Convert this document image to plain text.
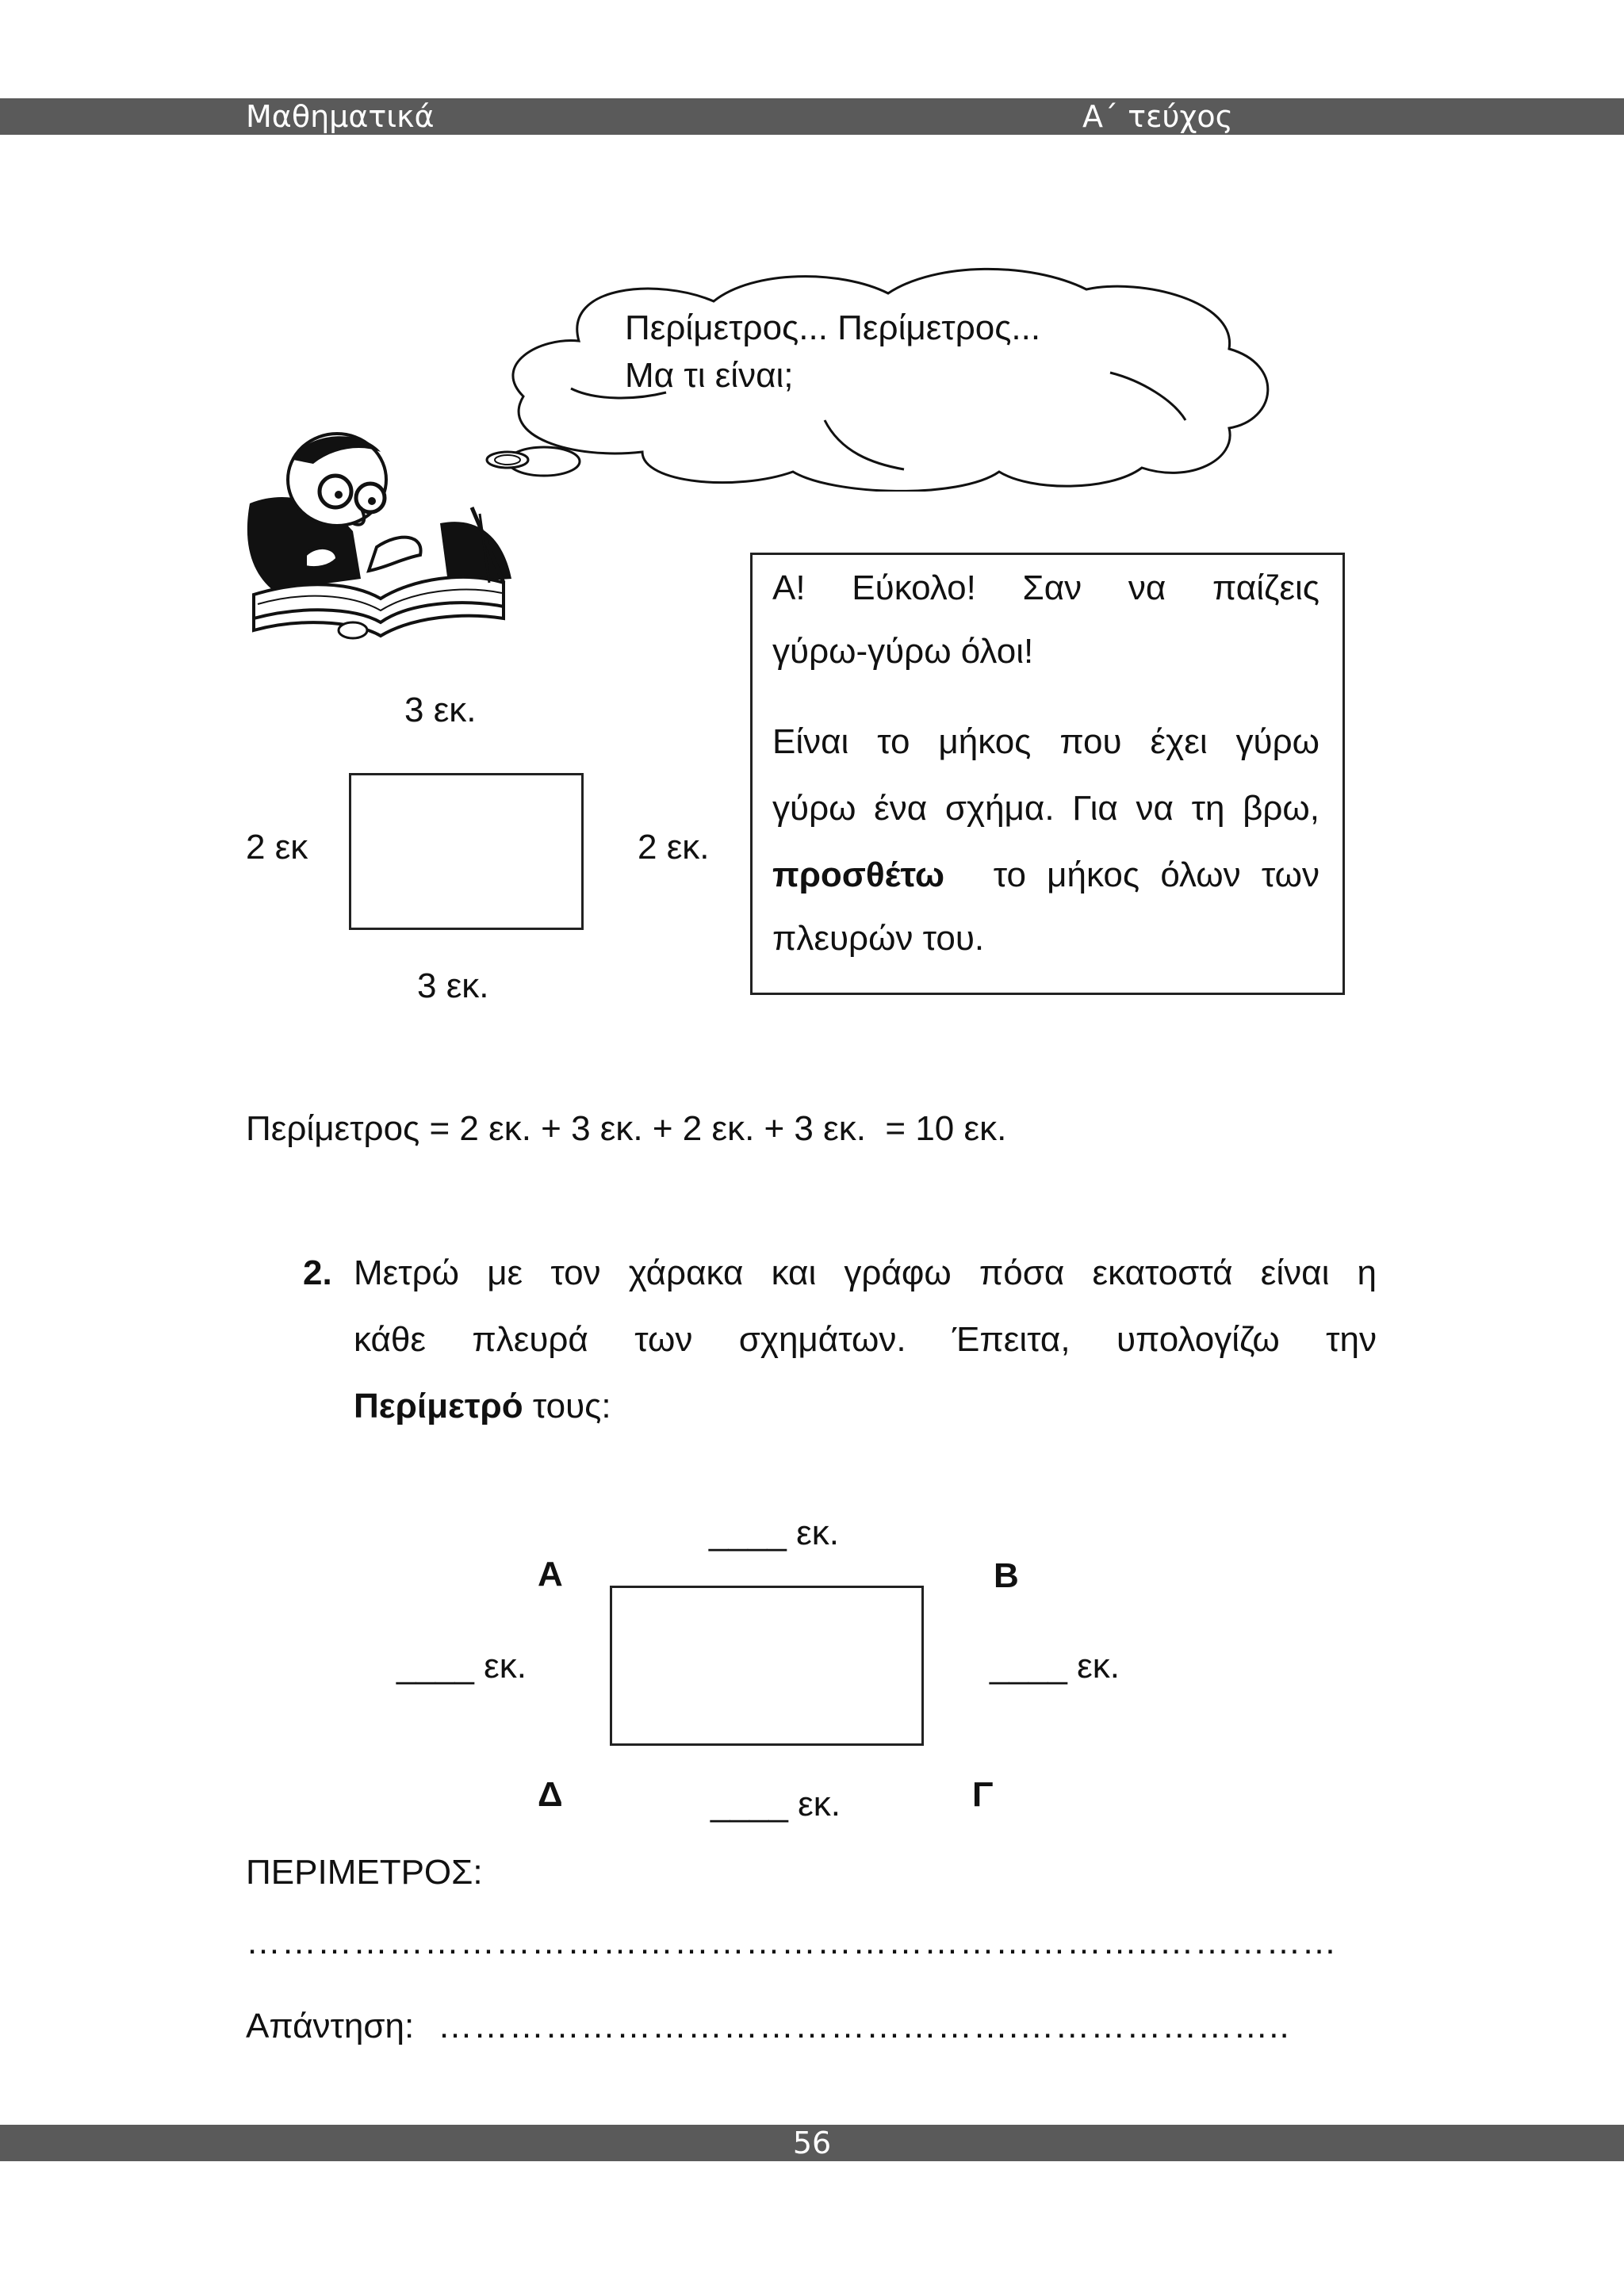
Μαθηματικά	Α΄ τεύχος
Περίμετρος... Περίμετρος...
Μα τι είναι;
Α! Εύκολο! Σαν να παίζεις
γύρω-γύρω όλοι!
Είναι το μήκος που έχει γύρω
γύρω ένα σχήμα. Για να τη βρω,
προσθέτω το μήκος όλων των
πλευρών του.
3 εκ.
2 εκ	2 εκ.
3 εκ.
Περίμετρος = 2 εκ. + 3 εκ. + 2 εκ. + 3 εκ.  = 10 εκ.
2. Μετρώ με τον χάρακα και γράφω πόσα εκατοστά είναι η
κάθε πλευρά των σχημάτων. Έπειτα, υπολογίζω την
Περίμετρό τους:
____ εκ.
Α	Β
____ εκ.	____ εκ.
Δ	Γ
____ εκ.
ΠΕΡΙΜΕΤΡΟΣ:
…………………………………………………………………..……………
Απάντηση: ………………………………………….…………………..
56
